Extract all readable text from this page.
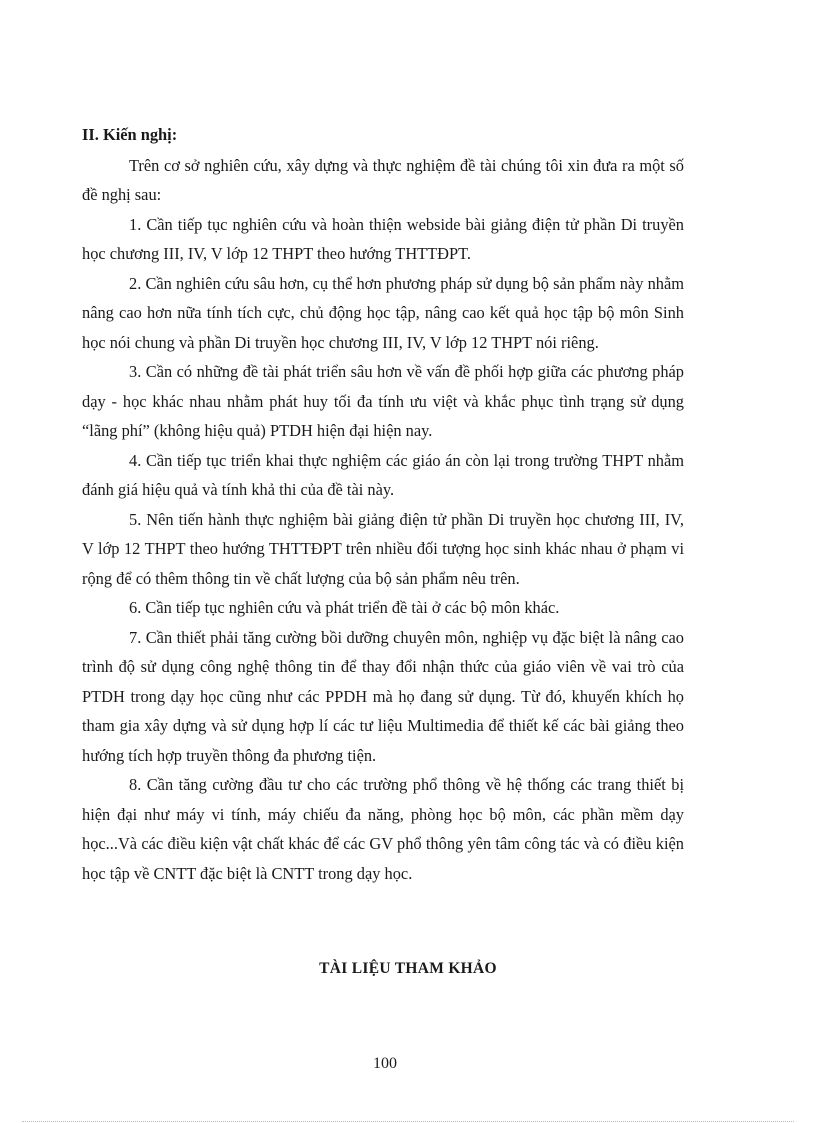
II. Kiến nghị:

Trên cơ sở nghiên cứu, xây dựng và thực nghiệm đề tài chúng tôi xin đưa ra một số đề nghị sau:

1. Cần tiếp tục nghiên cứu và hoàn thiện webside bài giảng điện tử phần Di truyền học chương III, IV, V lớp 12 THPT theo hướng THTTĐPT.

2. Cần nghiên cứu sâu hơn, cụ thể hơn phương pháp sử dụng bộ sản phẩm này nhằm nâng cao hơn nữa tính tích cực, chủ động học tập, nâng cao kết quả học tập bộ môn Sinh học nói chung và phần Di truyền học chương III, IV, V lớp 12 THPT nói riêng.

3. Cần có những đề tài phát triển sâu hơn về vấn đề phối hợp giữa các phương pháp dạy - học khác nhau nhằm phát huy tối đa tính ưu việt và khắc phục tình trạng sử dụng “lãng phí” (không hiệu quả) PTDH hiện đại hiện nay.

4. Cần tiếp tục triển khai thực nghiệm các giáo án còn lại trong trường THPT nhằm đánh giá hiệu quả và tính khả thi của đề tài này.

5. Nên tiến hành thực nghiệm bài giảng điện tử phần Di truyền học chương III, IV, V lớp 12 THPT theo hướng THTTĐPT trên nhiều đối tượng học sinh khác nhau ở phạm vi rộng để có thêm thông tin về chất lượng của bộ sản phẩm nêu trên.

6. Cần tiếp tục nghiên cứu và phát triển đề tài ở các bộ môn khác.

7. Cần thiết phải tăng cường bồi dưỡng chuyên môn, nghiệp vụ đặc biệt là nâng cao trình độ sử dụng công nghệ thông tin để thay đổi nhận thức của giáo viên về vai trò của PTDH trong dạy học cũng như các PPDH mà họ đang sử dụng. Từ đó, khuyến khích họ tham gia xây dựng và sử dụng hợp lí các tư liệu Multimedia để thiết kế các bài giảng theo hướng tích hợp truyền thông đa phương tiện.

8. Cần tăng cường đầu tư cho các trường phổ thông về hệ thống các trang thiết bị hiện đại như máy vi tính, máy chiếu đa năng, phòng học bộ môn, các phần mềm dạy học...Và các điều kiện vật chất khác để các GV phổ thông yên tâm công tác và có điều kiện học tập về CNTT đặc biệt là CNTT trong dạy học.

TÀI LIỆU THAM KHẢO
100
